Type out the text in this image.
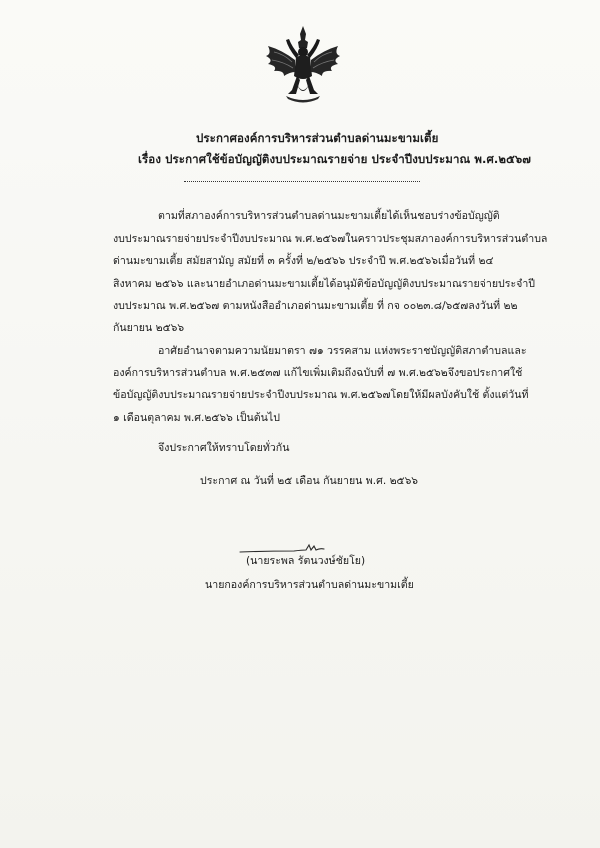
ประกาศองค์การบริหารส่วนตำบลด่านมะขามเตี้ย
เรื่อง ประกาศใช้ข้อบัญญัติงบประมาณรายจ่าย ประจำปีงบประมาณ พ.ศ.๒๕๖๗
ตามที่สภาองค์การบริหารส่วนตำบลด่านมะขามเตี้ย ได้เห็นชอบร่างข้อบัญญัติ
งบประมาณรายจ่ายประจำปีงบประมาณ พ.ศ.๒๕๖๗ ในคราวประชุมสภาองค์การบริหารส่วนตำบล
ด่านมะขามเตี้ย สมัยสามัญ สมัยที่ ๓ ครั้งที่ ๒/๒๕๖๖ ประจำปี พ.ศ.๒๕๖๖ เมื่อวันที่ ๒๔
สิงหาคม ๒๕๖๖ และนายอำเภอด่านมะขามเตี้ย ได้อนุมัติข้อบัญญัติงบประมาณรายจ่ายประจำปี
งบประมาณ พ.ศ.๒๕๖๗ ตามหนังสืออำเภอด่านมะขามเตี้ย ที่ กจ ๐๐๒๓.๘/๖๕๗ ลงวันที่ ๒๒
กันยายน ๒๕๖๖
อาศัยอำนาจตามความนัยมาตรา ๗๑ วรรคสาม แห่งพระราชบัญญัติสภาตำบลและ
องค์การบริหารส่วนตำบล พ.ศ.๒๕๓๗ แก้ไขเพิ่มเติมถึงฉบับที่ ๗ พ.ศ.๒๕๖๒ จึงขอประกาศใช้
ข้อบัญญัติงบประมาณรายจ่ายประจำปีงบประมาณ พ.ศ.๒๕๖๗ โดยให้มีผลบังคับใช้ ตั้งแต่วันที่
๑ เดือนตุลาคม พ.ศ.๒๕๖๖ เป็นต้นไป
จึงประกาศให้ทราบโดยทั่วกัน
ประกาศ ณ วันที่ ๒๕ เดือน กันยายน พ.ศ. ๒๕๖๖
(นายระพล รัตนวงษ์ชัยโย)
นายกองค์การบริหารส่วนตำบลด่านมะขามเตี้ย
